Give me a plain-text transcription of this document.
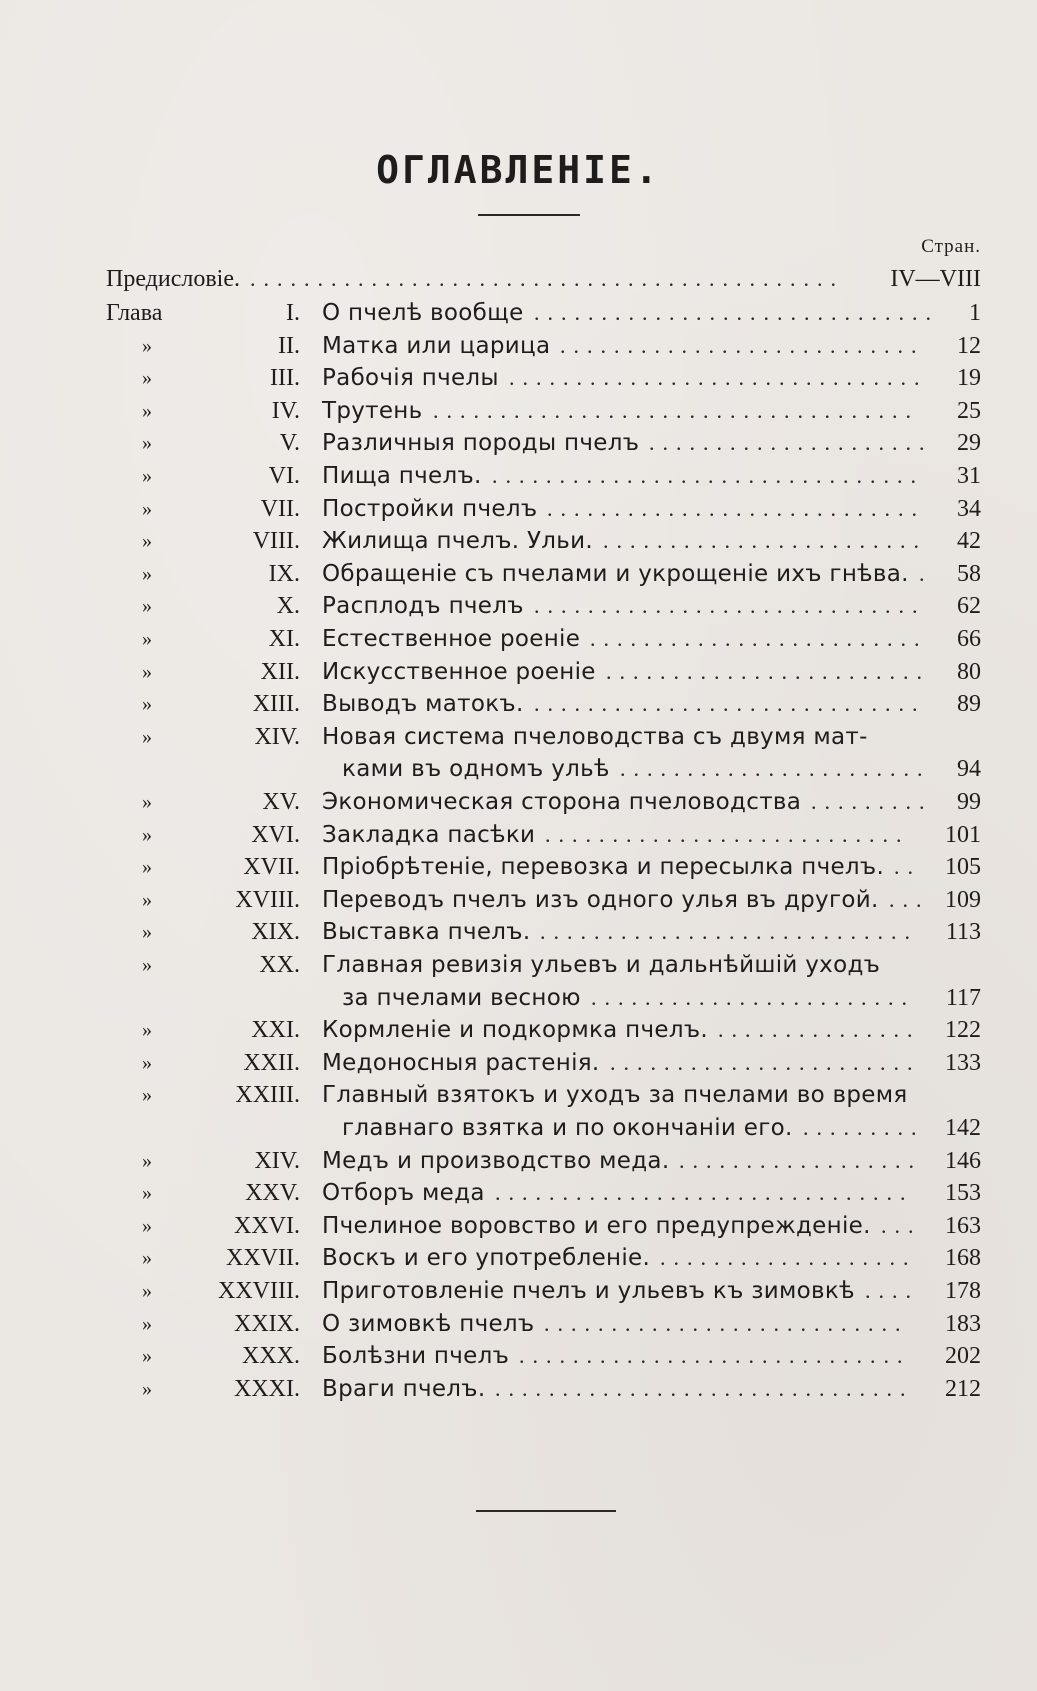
ОГЛАВЛЕНІЕ.
Стран.
Предисловіе. ............................................	IV—VIII
Глава	I. О пчелѣ вообще ..............................	1
»	II. Матка или царица ...........................	12
»	III. Рабочія пчелы ...............................	19
»	IV. Трутень ....................................	25
»	V. Различныя породы пчелъ .....................	29
»	VI. Пища пчелъ. ................................	31
»	VII. Постройки пчелъ ............................	34
»	VIII. Жилища пчелъ. Ульи. ........................	42
»	IX. Обращеніе съ пчелами и укрощеніе ихъ гнѣва. .	58
»	X. Расплодъ пчелъ .............................	62
»	XI. Естественное роеніе .........................	66
»	XII. Искусственное роеніе ........................	80
»	XIII. Выводъ матокъ. .............................	89
»	XIV. Новая система пчеловодства съ двумя мат-
ками въ одномъ ульѣ .......................	94
»	XV. Экономическая сторона пчеловодства .........	99
»	XVI. Закладка пасѣки ...........................	101
»	XVII. Пріобрѣтеніе, перевозка и пересылка пчелъ. ..	105
»	XVIII. Переводъ пчелъ изъ одного улья въ другой. ... 109
»	XIX. Выставка пчелъ. ............................	113
»	XX. Главная ревизія ульевъ и дальнѣйшій уходъ
за пчелами весною ........................	117
»	XXI. Кормленіе и подкормка пчелъ. ...............	122
»	XXII. Медоносныя растенія. .......................	133
»	XXIII. Главный взятокъ и уходъ за пчелами во время
главнаго взятка и по окончаніи его. ......... 142
»	XIV. Медъ и производство меда. .................. 146
»	XXV. Отборъ меда ...............................	153
»	XXVI. Пчелиное воровство и его предупрежденіе. ... 163
»	XXVII. Воскъ и его употребленіе. ...................	168
»	XXVIII. Приготовленіе пчелъ и ульевъ къ зимовкѣ ....	178
»	XXIX. О зимовкѣ пчелъ ...........................	183
»	XXX. Болѣзни пчелъ .............................	202
»	XXXI. Враги пчелъ. ...............................	212
